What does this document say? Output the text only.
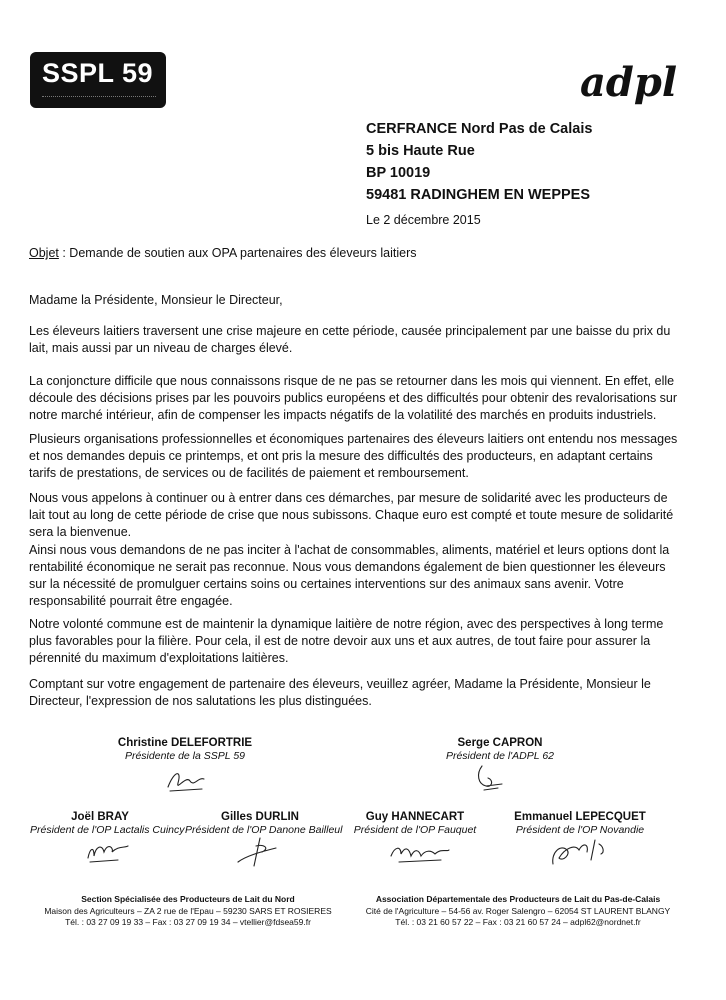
SSPL 59	adpl
CERFRANCE Nord Pas de Calais
5 bis Haute Rue
BP 10019
59481 RADINGHEM EN WEPPES
Le 2 décembre 2015
Objet : Demande de soutien aux OPA partenaires des éleveurs laitiers
Madame la Présidente, Monsieur le Directeur,
Les éleveurs laitiers traversent une crise majeure en cette période, causée principalement par une baisse du prix du
lait, mais aussi par un niveau de charges élevé.
La conjoncture difficile que nous connaissons risque de ne pas se retourner dans les mois qui viennent. En effet, elle
découle des décisions prises par les pouvoirs publics européens et des difficultés pour obtenir des revalorisations sur
notre marché intérieur, afin de compenser les impacts négatifs de la volatilité des marchés en produits industriels.
Plusieurs organisations professionnelles et économiques partenaires des éleveurs laitiers ont entendu nos messages
et nos demandes depuis ce printemps, et ont pris la mesure des difficultés des producteurs, en adaptant certains
tarifs de prestations, de services ou de facilités de paiement et remboursement.
Nous vous appelons à continuer ou à entrer dans ces démarches, par mesure de solidarité avec les producteurs de
lait tout au long de cette période de crise que nous subissons. Chaque euro est compté et toute mesure de solidarité
sera la bienvenue.
Ainsi nous vous demandons de ne pas inciter à l'achat de consommables, aliments, matériel et leurs options dont la
rentabilité économique ne serait pas reconnue. Nous vous demandons également de bien questionner les éleveurs
sur la nécessité de promulguer certains soins ou certaines interventions sur des animaux sans avenir. Votre
responsabilité pourrait être engagée.
Notre volonté commune est de maintenir la dynamique laitière de notre région, avec des perspectives à long terme
plus favorables pour la filière. Pour cela, il est de notre devoir aux uns et aux autres, de tout faire pour assurer la
pérennité du maximum d'exploitations laitières.
Comptant sur votre engagement de partenaire des éleveurs, veuillez agréer, Madame la Présidente, Monsieur le
Directeur, l'expression de nos salutations les plus distinguées.
Christine DELEFORTRIE
Présidente de la SSPL 59
Serge CAPRON
Président de l'ADPL 62
Joël BRAY
Président de l'OP Lactalis Cuincy
Gilles DURLIN
Président de l'OP Danone Bailleul
Guy HANNECART
Président de l'OP Fauquet
Emmanuel LEPECQUET
Président de l'OP Novandie
Section Spécialisée des Producteurs de Lait du Nord
Maison des Agriculteurs – ZA 2 rue de l'Epau – 59230 SARS ET ROSIERES
Tél. : 03 27 09 19 33 – Fax : 03 27 09 19 34 – vtellier@fdsea59.fr
Association Départementale des Producteurs de Lait du Pas-de-Calais
Cité de l'Agriculture – 54-56 av. Roger Salengro – 62054 ST LAURENT BLANGY
Tél. : 03 21 60 57 22 – Fax : 03 21 60 57 24 – adpl62@nordnet.fr
